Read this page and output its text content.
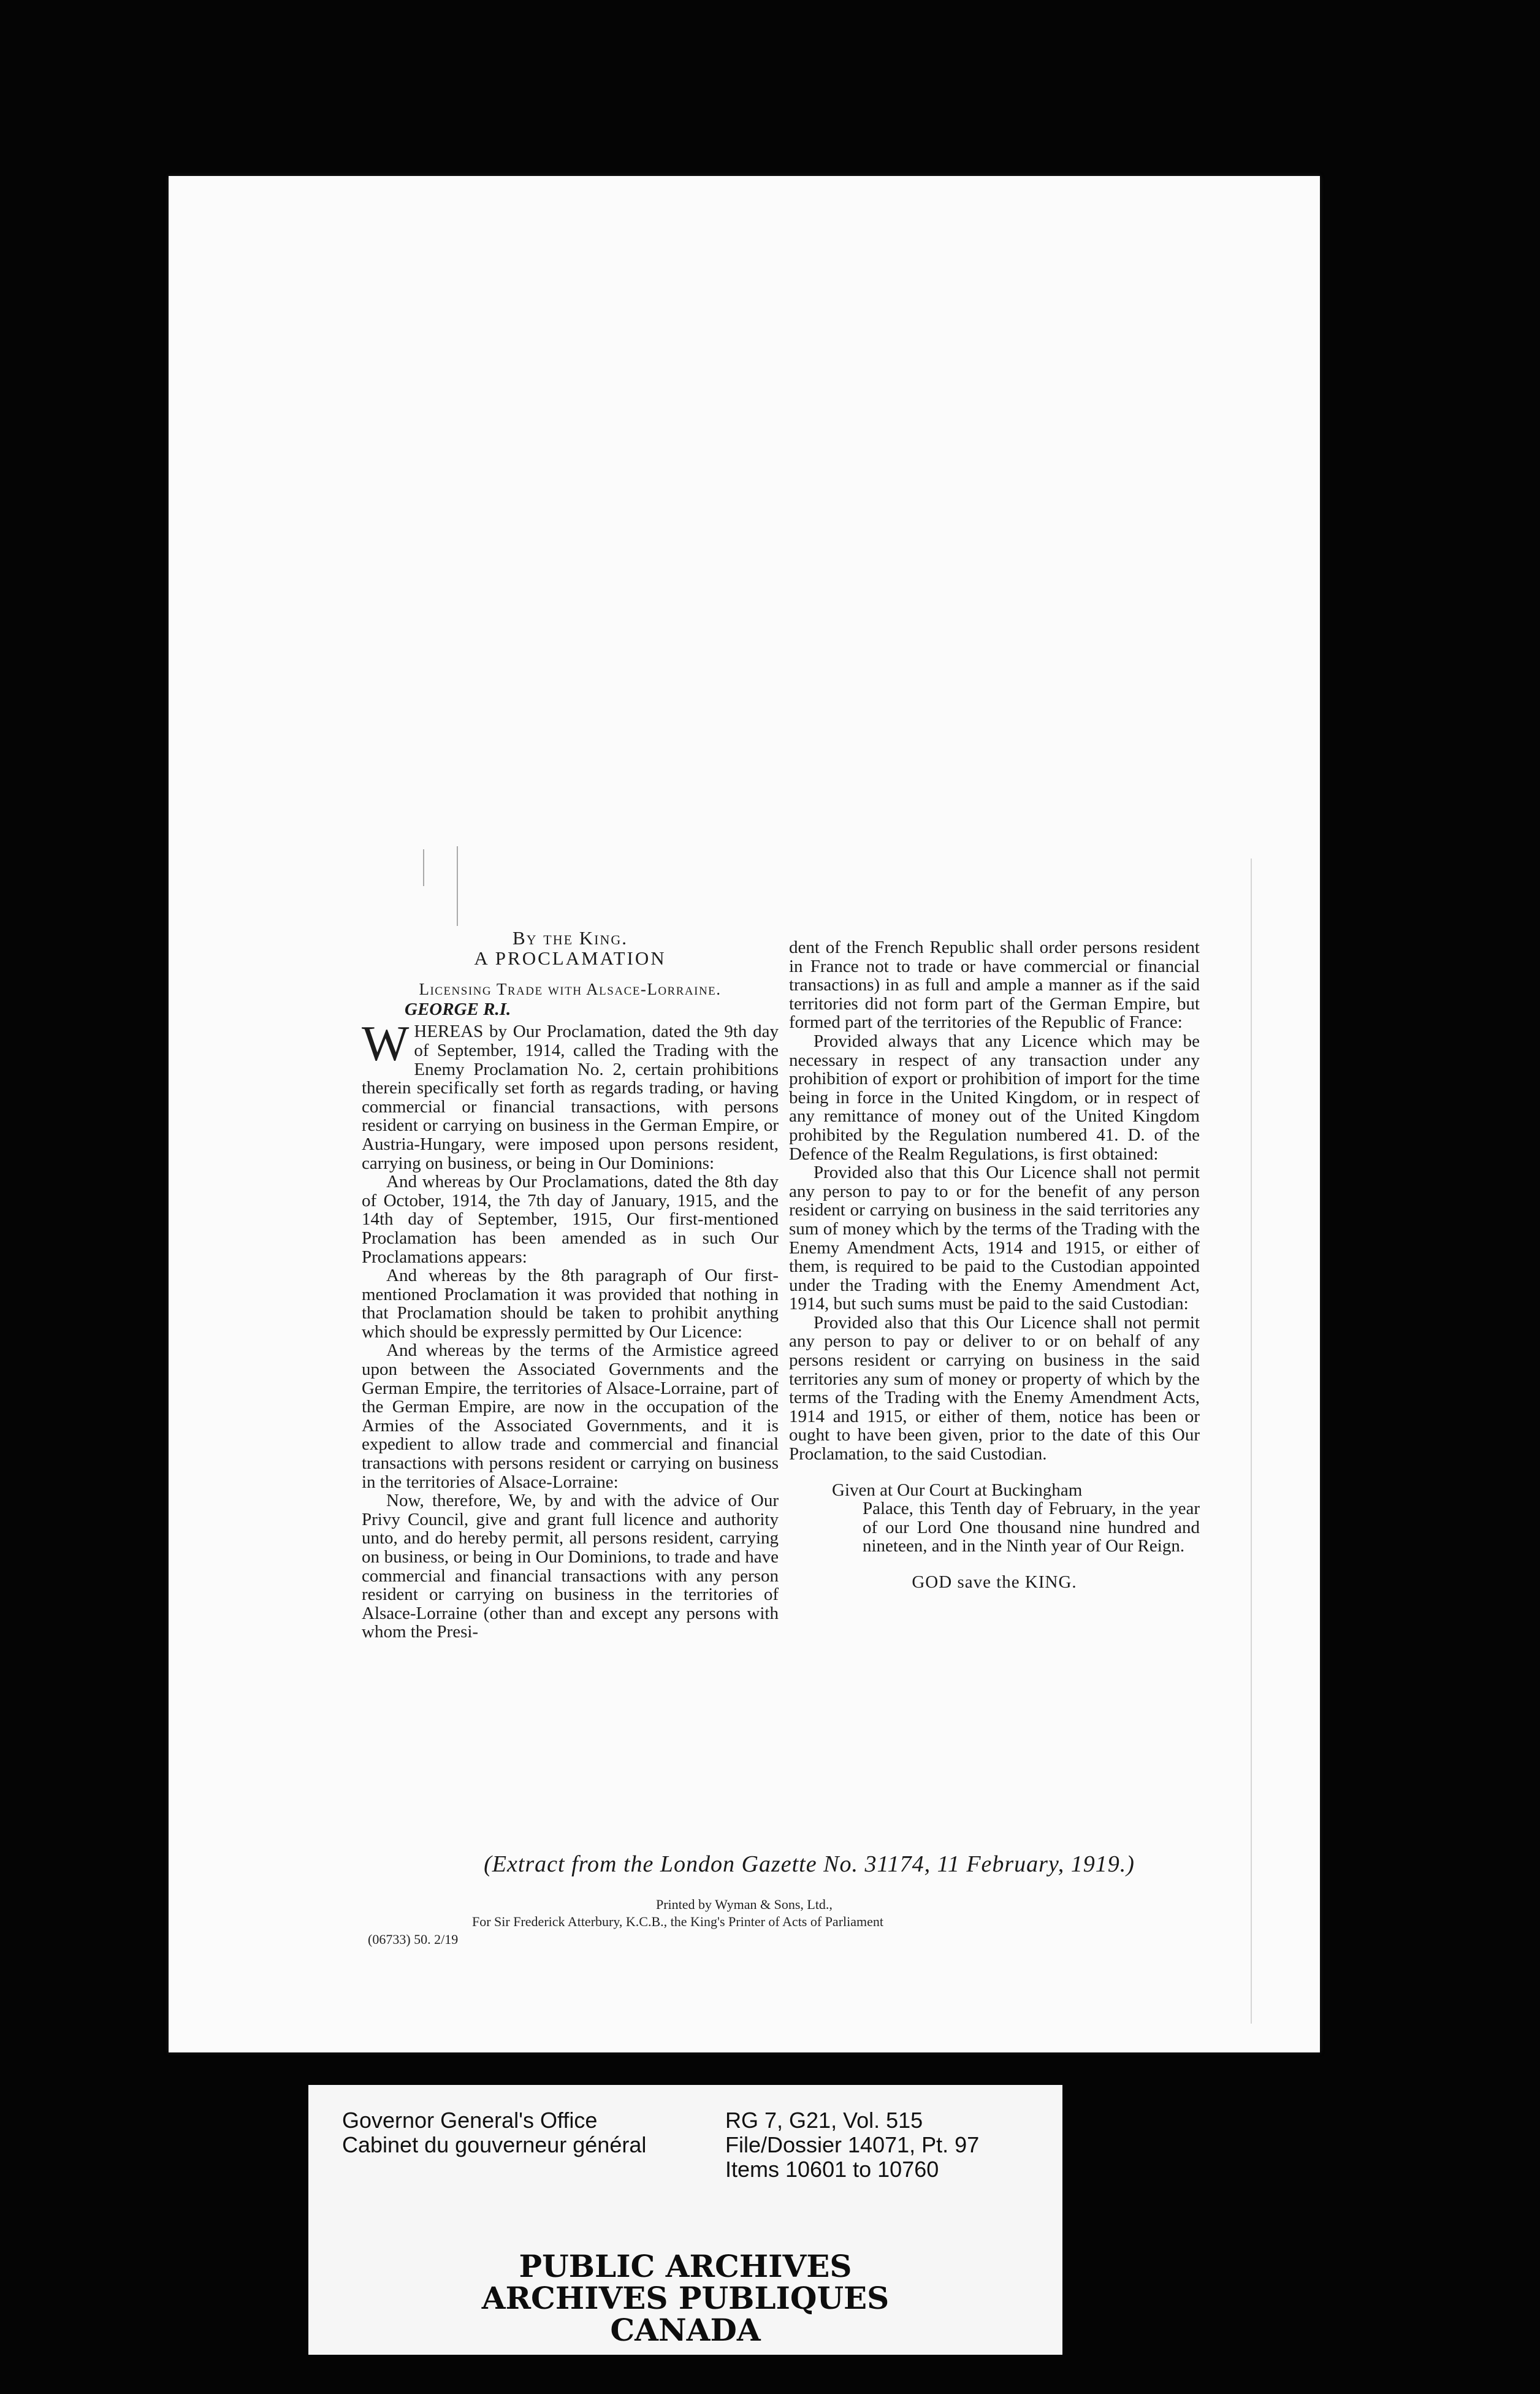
By the King.
A PROCLAMATION
Licensing Trade with Alsace-Lorraine.
GEORGE R.I.

WHEREAS by Our Proclamation, dated the 9th day of September, 1914, called the Trading with the Enemy Proclamation No. 2, certain prohibitions therein specifically set forth as regards trading, or having commercial or financial transactions, with persons resident or carrying on business in the German Empire, or Austria-Hungary, were imposed upon persons resident, carrying on business, or being in Our Dominions:

And whereas by Our Proclamations, dated the 8th day of October, 1914, the 7th day of January, 1915, and the 14th day of September, 1915, Our first-mentioned Proclamation has been amended as in such Our Proclamations appears:

And whereas by the 8th paragraph of Our first-mentioned Proclamation it was provided that nothing in that Proclamation should be taken to prohibit anything which should be expressly permitted by Our Licence:

And whereas by the terms of the Armistice agreed upon between the Associated Governments and the German Empire, the territories of Alsace-Lorraine, part of the German Empire, are now in the occupation of the Armies of the Associated Governments, and it is expedient to allow trade and commercial and financial transactions with persons resident or carrying on business in the territories of Alsace-Lorraine:

Now, therefore, We, by and with the advice of Our Privy Council, give and grant full licence and authority unto, and do hereby permit, all persons resident, carrying on business, or being in Our Dominions, to trade and have commercial and financial transactions with any person resident or carrying on business in the territories of Alsace-Lorraine (other than and except any persons with whom the Presi-

dent of the French Republic shall order persons resident in France not to trade or have commercial or financial transactions) in as full and ample a manner as if the said territories did not form part of the German Empire, but formed part of the territories of the Republic of France:

Provided always that any Licence which may be necessary in respect of any transaction under any prohibition of export or prohibition of import for the time being in force in the United Kingdom, or in respect of any remittance of money out of the United Kingdom prohibited by the Regulation numbered 41. D. of the Defence of the Realm Regulations, is first obtained:

Provided also that this Our Licence shall not permit any person to pay to or for the benefit of any person resident or carrying on business in the said territories any sum of money which by the terms of the Trading with the Enemy Amendment Acts, 1914 and 1915, or either of them, is required to be paid to the Custodian appointed under the Trading with the Enemy Amendment Act, 1914, but such sums must be paid to the said Custodian:

Provided also that this Our Licence shall not permit any person to pay or deliver to or on behalf of any persons resident or carrying on business in the said territories any sum of money or property of which by the terms of the Trading with the Enemy Amendment Acts, 1914 and 1915, or either of them, notice has been or ought to have been given, prior to the date of this Our Proclamation, to the said Custodian.

Given at Our Court at Buckingham
Palace, this Tenth day of February, in the year of our Lord One thousand nine hundred and nineteen, and in the Ninth year of Our Reign.
GOD save the KING.
(Extract from the London Gazette No. 31174, 11 February, 1919.)
Printed by Wyman & Sons, Ltd.,
For Sir Frederick Atterbury, K.C.B., the King's Printer of Acts of Parliament
(06733) 50. 2/19
Governor General's Office
Cabinet du gouverneur général
RG 7, G21, Vol. 515
File/Dossier 14071, Pt. 97
Items 10601 to 10760
PUBLIC ARCHIVES
ARCHIVES PUBLIQUES
CANADA
